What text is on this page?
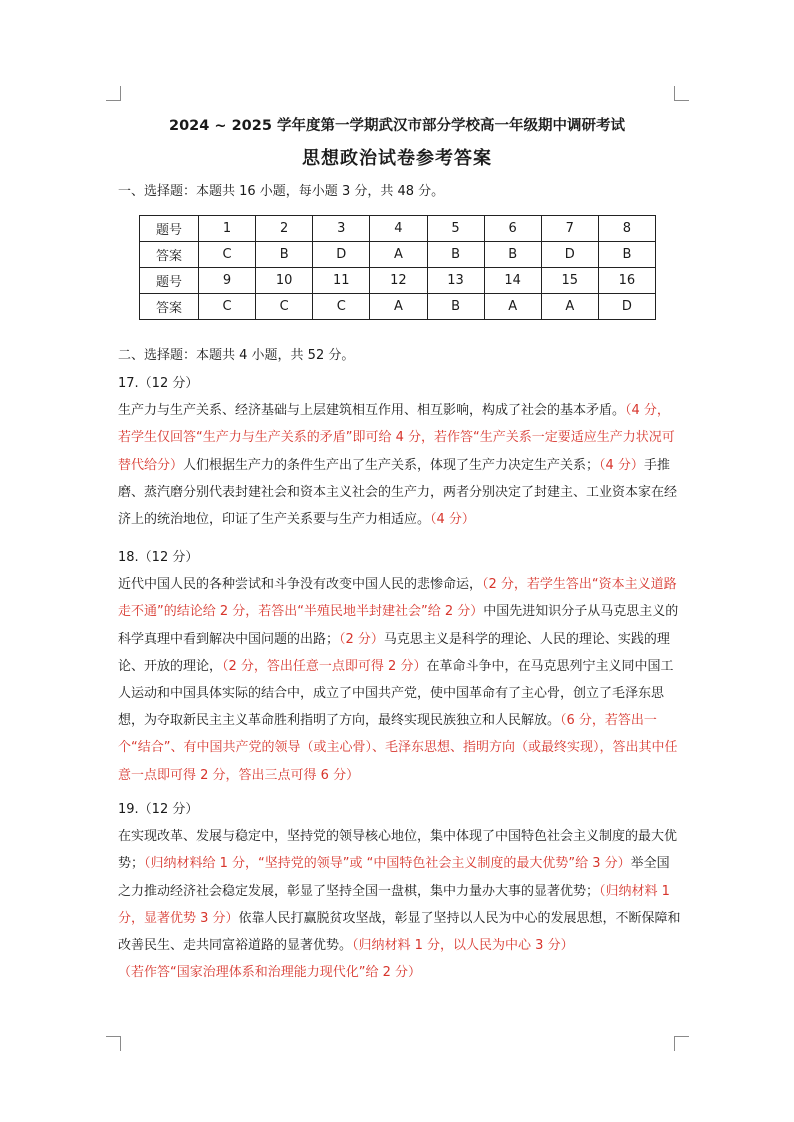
2024 ~ 2025 学年度第一学期武汉市部分学校高一年级期中调研考试
思想政治试卷参考答案
一、选择题：本题共 16 小题，每小题 3 分，共 48 分。
题号	1	2	3	4	5	6	7	8
答案	C	B	D	A	B	B	D	B
题号	9	10	11	12	13	14	15	16
答案	C	C	C	A	B	A	A	D
二、选择题：本题共 4 小题，共 52 分。
17.（12 分）
生产力与生产关系、经济基础与上层建筑相互作用、相互影响，构成了社会的基本矛盾。（4 分，若学生仅回答“生产力与生产关系的矛盾”即可给 4 分，若作答“生产关系一定要适应生产力状况可替代给分）人们根据生产力的条件生产出了生产关系，体现了生产力决定生产关系；（4 分）手推磨、蒸汽磨分别代表封建社会和资本主义社会的生产力，两者分别决定了封建主、工业资本家在经济上的统治地位，印证了生产关系要与生产力相适应。（4 分）
18.（12 分）
近代中国人民的各种尝试和斗争没有改变中国人民的悲惨命运，（2 分，若学生答出“资本主义道路走不通”的结论给 2 分，若答出“半殖民地半封建社会”给 2 分）中国先进知识分子从马克思主义的科学真理中看到解决中国问题的出路；（2 分）马克思主义是科学的理论、人民的理论、实践的理论、开放的理论，（2 分，答出任意一点即可得 2 分）在革命斗争中，在马克思列宁主义同中国工人运动和中国具体实际的结合中，成立了中国共产党，使中国革命有了主心骨，创立了毛泽东思想，为夺取新民主主义革命胜利指明了方向，最终实现民族独立和人民解放。（6 分，若答出一个“结合”、有中国共产党的领导（或主心骨）、毛泽东思想、指明方向（或最终实现），答出其中任意一点即可得 2 分，答出三点可得 6 分）
19.（12 分）
在实现改革、发展与稳定中，坚持党的领导核心地位，集中体现了中国特色社会主义制度的最大优势；（归纳材料给 1 分，“坚持党的领导”或 “中国特色社会主义制度的最大优势”给 3 分）举全国之力推动经济社会稳定发展，彰显了坚持全国一盘棋，集中力量办大事的显著优势；（归纳材料 1 分，显著优势 3 分）依靠人民打赢脱贫攻坚战，彰显了坚持以人民为中心的发展思想，不断保障和改善民生、走共同富裕道路的显著优势。（归纳材料 1 分，以人民为中心 3 分）
（若作答“国家治理体系和治理能力现代化”给 2 分）
